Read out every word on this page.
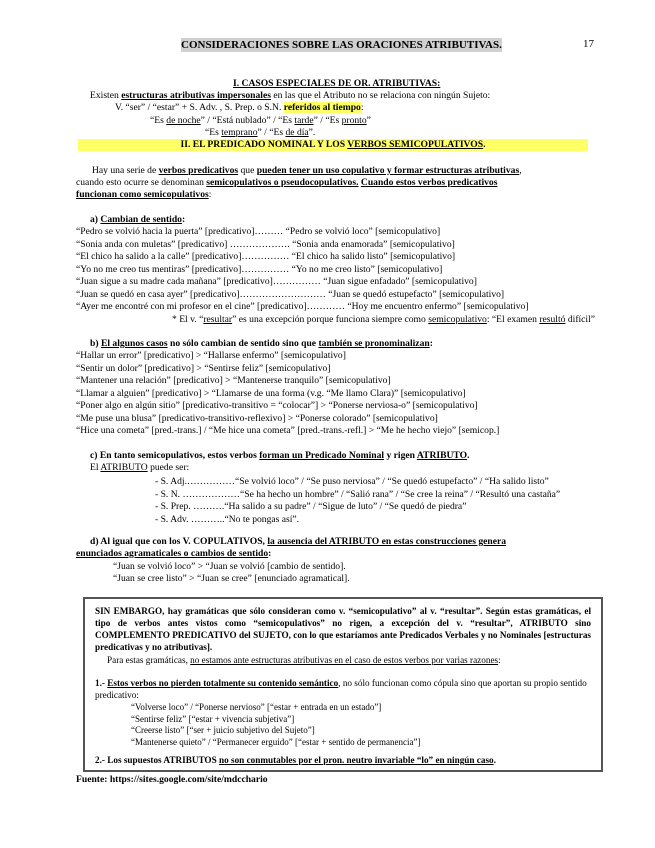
CONSIDERACIONES SOBRE LAS ORACIONES ATRIBUTIVAS.	17
I. CASOS ESPECIALES DE OR. ATRIBUTIVAS:
Existen estructuras atributivas impersonales en las que el Atributo no se relaciona con ningún Sujeto:
V. “ser” / “estar” + S. Adv. , S. Prep. o S.N. referidos al tiempo:
“Es de noche” / “Está nublado” / “Es tarde” / “Es pronto”
“Es temprano” / “Es de día”.
II. EL PREDICADO NOMINAL Y LOS VERBOS SEMICOPULATIVOS.
Hay una serie de verbos predicativos que pueden tener un uso copulativo y formar estructuras atributivas,
cuando esto ocurre se denominan semicopulativos o pseudocopulativos. Cuando estos verbos predicativos
funcionan como semicopulativos:
a) Cambian de sentido:
“Pedro se volvió hacia la puerta” [predicativo]……… “Pedro se volvió loco” [semicopulativo]
“Sonia anda con muletas” [predicativo] ………………. “Sonia anda enamorada” [semicopulativo]
“El chico ha salido a la calle” [predicativo]…………… “El chico ha salido listo” [semicopulativo]
“Yo no me creo tus mentiras” [predicativo]…………… “Yo no me creo listo” [semicopulativo]
“Juan sigue a su madre cada mañana” [predicativo]…………… “Juan sigue enfadado” [semicopulativo]
“Juan se quedó en casa ayer” [predicativo]……………………… “Juan se quedó estupefacto” [semicopulativo]
“Ayer me encontré con mi profesor en el cine” [predicativo]………… “Hoy me encuentro enfermo” [semicopulativo]
* El v. “resultar” es una excepción porque funciona siempre como semicopulativo: “El examen resultó difícil”
b) El algunos casos no sólo cambian de sentido sino que también se pronominalizan:
“Hallar un error” [predicativo] > “Hallarse enfermo” [semicopulativo]
“Sentir un dolor” [predicativo] > “Sentirse feliz” [semicopulativo]
“Mantener una relación” [predicativo] > “Mantenerse tranquilo” [semicopulativo]
“Llamar a alguien” [predicativo] > “Llamarse de una forma (v.g. “Me llamo Clara)” [semicopulativo]
“Poner algo en algún sitio” [predicativo-transitivo = “colocar”] > “Ponerse nerviosa-o” [semicopulativo]
“Me puse una blusa” [predicativo-transitivo-reflexivo] > “Ponerse colorado” [semicopulativo]
“Hice una cometa” [pred.-trans.] / “Me hice una cometa” [pred.-trans.-refl.] > “Me he hecho viejo” [semicop.]
c) En tanto semicopulativos, estos verbos forman un Predicado Nominal y rigen ATRIBUTO.
El ATRIBUTO puede ser:
- S. Adj.……………“Se volvió loco” / “Se puso nerviosa” / “Se quedó estupefacto” / “Ha salido listo”
- S. N. ………………“Se ha hecho un hombre” / “Salió rana” / “Se cree la reina” / “Resultó una castaña”
- S. Prep. ……….“Ha salido a su padre” / “Sigue de luto” / “Se quedó de piedra”
- S. Adv. ………..“No te pongas así”.
d) Al igual que con los V. COPULATIVOS, la ausencia del ATRIBUTO en estas construcciones genera
enunciados agramaticales o cambios de sentido:
“Juan se volvió loco” > “Juan se volvió [cambio de sentido].
“Juan se cree listo” > “Juan se cree” [enunciado agramatical].
SIN EMBARGO, hay gramáticas que sólo consideran como v. “semicopulativo” al v. “resultar”. Según estas gramáticas, el tipo de verbos antes vistos como “semicopulativos” no rigen, a excepción del v. “resultar”, ATRIBUTO sino COMPLEMENTO PREDICATIVO del SUJETO, con lo que estaríamos ante Predicados Verbales y no Nominales [estructuras predicativas y no atributivas].
Para estas gramáticas, no estamos ante estructuras atributivas en el caso de estos verbos por varias razones:
1.- Estos verbos no pierden totalmente su contenido semántico, no sólo funcionan como cópula sino que aportan su propio sentido predicativo:
“Volverse loco” / “Ponerse nervioso” [“estar + entrada en un estado”]
“Sentirse feliz” [“estar + vivencia subjetiva”]
“Creerse listo” [“ser + juicio subjetivo del Sujeto”]
“Mantenerse quieto” / “Permanecer erguido” [“estar + sentido de permanencia”]
2.- Los supuestos ATRIBUTOS no son conmutables por el pron. neutro invariable “lo” en ningún caso.
Fuente: https://sites.google.com/site/mdcchario
